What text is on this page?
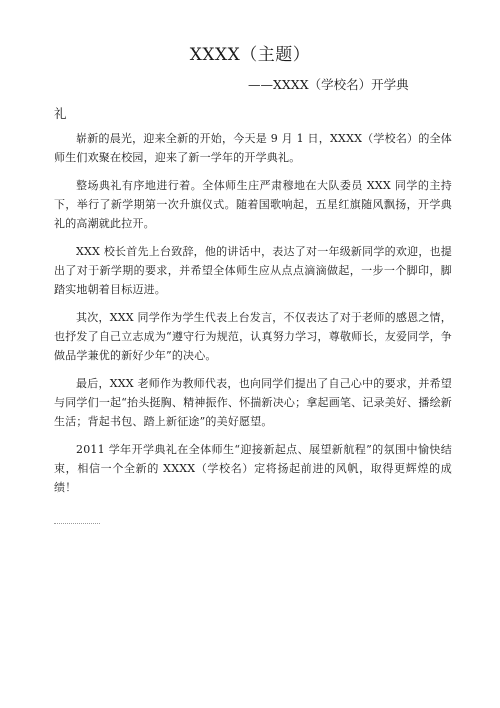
XXXX（主题）
——XXXX（学校名）开学典
礼

崭新的晨光，迎来全新的开始，今天是 9 月 1 日，XXXX（学校名）的全体师生们欢聚在校园，迎来了新一学年的开学典礼。

整场典礼有序地进行着。全体师生庄严肃穆地在大队委员 XXX 同学的主持下，举行了新学期第一次升旗仪式。随着国歌响起，五星红旗随风飘扬，开学典礼的高潮就此拉开。

XXX 校长首先上台致辞，他的讲话中，表达了对一年级新同学的欢迎，也提出了对于新学期的要求，并希望全体师生应从点点滴滴做起，一步一个脚印，脚踏实地朝着目标迈进。

其次，XXX 同学作为学生代表上台发言，不仅表达了对于老师的感恩之情，也抒发了自己立志成为“遵守行为规范，认真努力学习，尊敬师长，友爱同学，争做品学兼优的新好少年”的决心。

最后，XXX 老师作为教师代表，也向同学们提出了自己心中的要求，并希望与同学们一起“抬头挺胸、精神振作、怀揣新决心；拿起画笔、记录美好、播绘新生活；背起书包、踏上新征途”的美好愿望。

2011 学年开学典礼在全体师生“迎接新起点、展望新航程”的氛围中愉快结束，相信一个全新的 XXXX（学校名）定将扬起前进的风帆，取得更辉煌的成绩！
